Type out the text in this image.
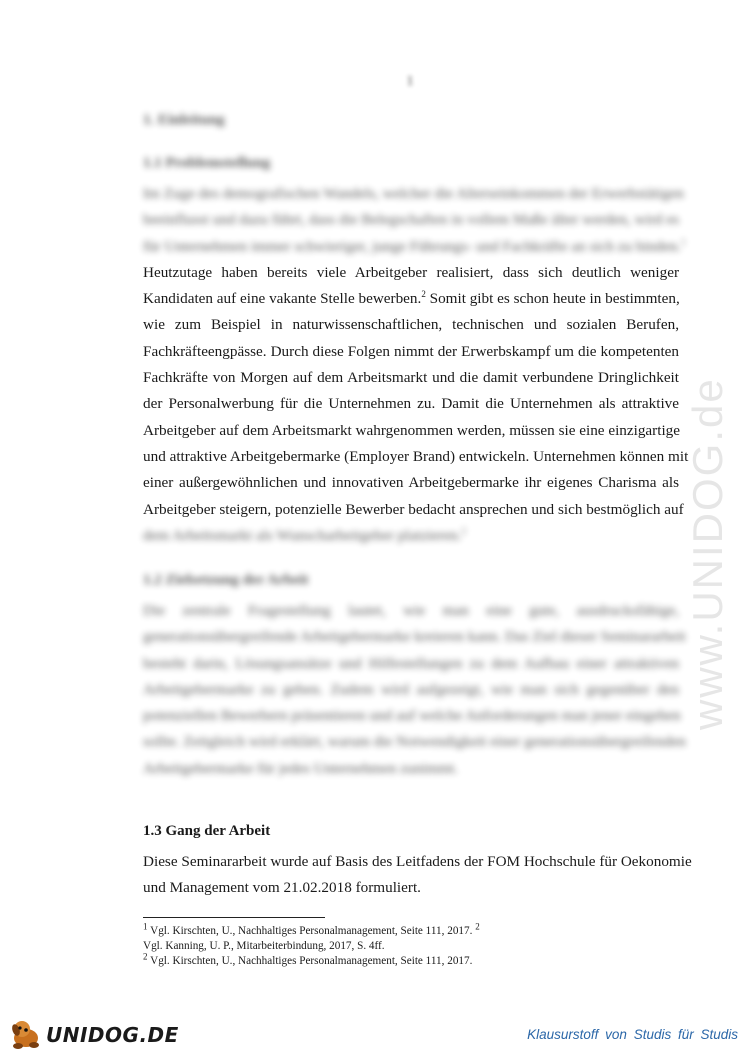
www.UNIDOG.de
1
1. Einleitung
1.1 Problemstellung
Im Zuge des demografischen Wandels, welcher die Alterseinkommen der Erwerbstätigen
beeinflusst und dazu führt, dass die Belegschaften in vollem Maße älter werden, wird es
für Unternehmen immer schwieriger, junge Führungs- und Fachkräfte an sich zu binden.$^1$
Heutzutage haben bereits viele Arbeitgeber realisiert, dass sich deutlich weniger
Kandidaten auf eine vakante Stelle bewerben.$^2$ Somit gibt es schon heute in bestimmten,
wie zum Beispiel in naturwissenschaftlichen, technischen und sozialen Berufen,
Fachkräfteengpässe. Durch diese Folgen nimmt der Erwerbskampf um die kompetenten
Fachkräfte von Morgen auf dem Arbeitsmarkt und die damit verbundene Dringlichkeit
der Personalwerbung für die Unternehmen zu. Damit die Unternehmen als attraktive
Arbeitgeber auf dem Arbeitsmarkt wahrgenommen werden, müssen sie eine einzigartige
und attraktive Arbeitgebermarke (Employer Brand) entwickeln. Unternehmen können mit
einer außergewöhnlichen und innovativen Arbeitgebermarke ihr eigenes Charisma als
Arbeitgeber steigern, potenzielle Bewerber bedacht ansprechen und sich bestmöglich auf
dem Arbeitsmarkt als Wunscharbeitgeber platzieren.$^2$
1.2 Zielsetzung der Arbeit
Die zentrale Fragestellung lautet, wie man eine gute, ausdrucksfähige,
generationsübergreifende Arbeitgebermarke kreieren kann. Das Ziel dieser Seminararbeit
besteht darin, Lösungsansätze und Hilfestellungen zu dem Aufbau einer attraktiven
Arbeitgebermarke zu geben. Zudem wird aufgezeigt, wie man sich gegenüber den
potenziellen Bewerbern präsentieren und auf welche Anforderungen man jener eingehen
sollte. Zeitgleich wird erklärt, warum die Notwendigkeit einer generationsübergreifenden
Arbeitgebermarke für jedes Unternehmen zunimmt.
1.3 Gang der Arbeit
Diese Seminararbeit wurde auf Basis des Leitfadens der FOM Hochschule für Oekonomie
und Management vom 21.02.2018 formuliert.
$^1$ Vgl. Kirschten, U., Nachhaltiges Personalmanagement, Seite 111, 2017. $^2$
Vgl. Kanning, U. P., Mitarbeiterbindung, 2017, S. 4ff.
$^2$ Vgl. Kirschten, U., Nachhaltiges Personalmanagement, Seite 111, 2017.
UNIDOG.DE	Klausurstoff von Studis für Studis
